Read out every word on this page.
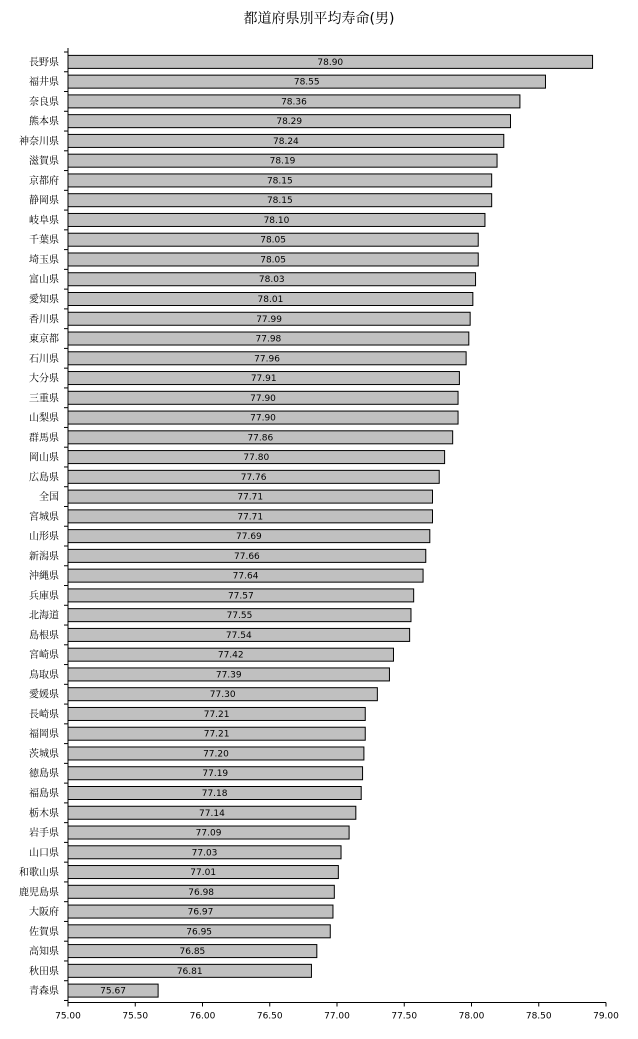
都道府県別平均寿命(男)
長野県	78.90
福井県	78.55
奈良県	78.36
熊本県	78.29
神奈川県	78.24
滋賀県	78.19
京都府	78.15
静岡県	78.15
岐阜県	78.10
千葉県	78.05
埼玉県	78.05
富山県	78.03
愛知県	78.01
香川県	77.99
東京都	77.98
石川県	77.96
大分県	77.91
三重県	77.90
山梨県	77.90
群馬県	77.86
岡山県	77.80
広島県	77.76
全国	77.71
宮城県	77.71
山形県	77.69
新潟県	77.66
沖縄県	77.64
兵庫県	77.57
北海道	77.55
島根県	77.54
宮崎県	77.42
鳥取県	77.39
愛媛県	77.30
長崎県	77.21
福岡県	77.21
茨城県	77.20
徳島県	77.19
福島県	77.18
栃木県	77.14
岩手県	77.09
山口県	77.03
和歌山県	77.01
鹿児島県	76.98
大阪府	76.97
佐賀県	76.95
高知県	76.85
秋田県	76.81
青森県	75.67
75.00	75.50	76.00	76.50	77.00	77.50	78.00	78.50	79.00
